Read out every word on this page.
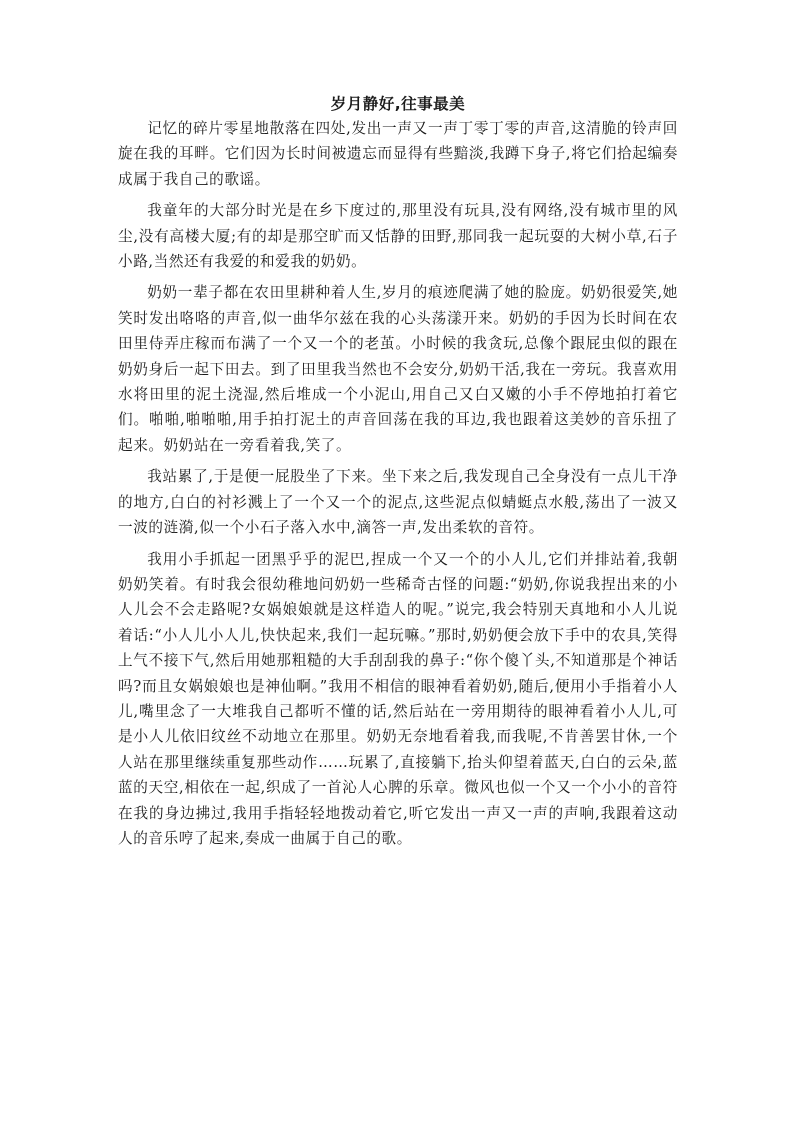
岁月静好,往事最美

记忆的碎片零星地散落在四处,发出一声又一声丁零丁零的声音,这清脆的铃声回旋在我的耳畔。它们因为长时间被遗忘而显得有些黯淡,我蹲下身子,将它们拾起编奏成属于我自己的歌谣。

我童年的大部分时光是在乡下度过的,那里没有玩具,没有网络,没有城市里的风尘,没有高楼大厦;有的却是那空旷而又恬静的田野,那同我一起玩耍的大树小草,石子小路,当然还有我爱的和爱我的奶奶。

奶奶一辈子都在农田里耕种着人生,岁月的痕迹爬满了她的脸庞。奶奶很爱笑,她笑时发出咯咯的声音,似一曲华尔兹在我的心头荡漾开来。奶奶的手因为长时间在农田里侍弄庄稼而布满了一个又一个的老茧。小时候的我贪玩,总像个跟屁虫似的跟在奶奶身后一起下田去。到了田里我当然也不会安分,奶奶干活,我在一旁玩。我喜欢用水将田里的泥土浇湿,然后堆成一个小泥山,用自己又白又嫩的小手不停地拍打着它们。啪啪,啪啪啪,用手拍打泥土的声音回荡在我的耳边,我也跟着这美妙的音乐扭了起来。奶奶站在一旁看着我,笑了。

我站累了,于是便一屁股坐了下来。坐下来之后,我发现自己全身没有一点儿干净的地方,白白的衬衫溅上了一个又一个的泥点,这些泥点似蜻蜓点水般,荡出了一波又一波的涟漪,似一个小石子落入水中,滴答一声,发出柔软的音符。

我用小手抓起一团黑乎乎的泥巴,捏成一个又一个的小人儿,它们并排站着,我朝奶奶笑着。有时我会很幼稚地问奶奶一些稀奇古怪的问题:“奶奶,你说我捏出来的小人儿会不会走路呢?女娲娘娘就是这样造人的呢。”说完,我会特别天真地和小人儿说着话:“小人儿小人儿,快快起来,我们一起玩嘛。”那时,奶奶便会放下手中的农具,笑得上气不接下气,然后用她那粗糙的大手刮刮我的鼻子:“你个傻丫头,不知道那是个神话吗?而且女娲娘娘也是神仙啊。”我用不相信的眼神看着奶奶,随后,便用小手指着小人儿,嘴里念了一大堆我自己都听不懂的话,然后站在一旁用期待的眼神看着小人儿,可是小人儿依旧纹丝不动地立在那里。奶奶无奈地看着我,而我呢,不肯善罢甘休,一个人站在那里继续重复那些动作……玩累了,直接躺下,抬头仰望着蓝天,白白的云朵,蓝蓝的天空,相依在一起,织成了一首沁人心脾的乐章。微风也似一个又一个小小的音符在我的身边拂过,我用手指轻轻地拨动着它,听它发出一声又一声的声响,我跟着这动人的音乐哼了起来,奏成一曲属于自己的歌。
